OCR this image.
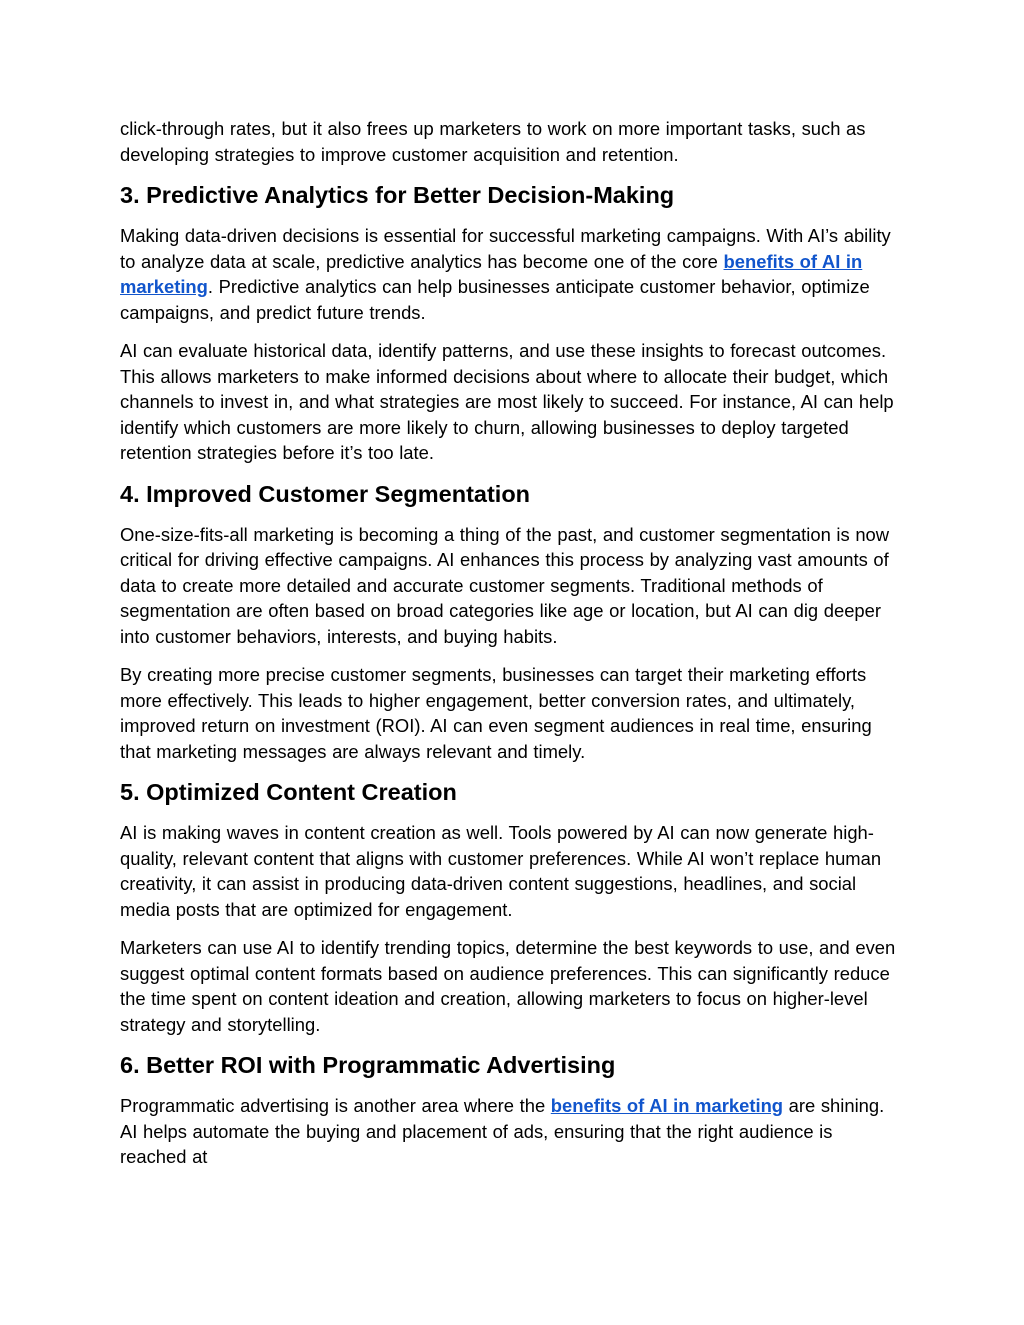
click-through rates, but it also frees up marketers to work on more important tasks, such as developing strategies to improve customer acquisition and retention.

3. Predictive Analytics for Better Decision-Making

Making data-driven decisions is essential for successful marketing campaigns. With AI’s ability to analyze data at scale, predictive analytics has become one of the core benefits of AI in marketing. Predictive analytics can help businesses anticipate customer behavior, optimize campaigns, and predict future trends.

AI can evaluate historical data, identify patterns, and use these insights to forecast outcomes. This allows marketers to make informed decisions about where to allocate their budget, which channels to invest in, and what strategies are most likely to succeed. For instance, AI can help identify which customers are more likely to churn, allowing businesses to deploy targeted retention strategies before it’s too late.

4. Improved Customer Segmentation

One-size-fits-all marketing is becoming a thing of the past, and customer segmentation is now critical for driving effective campaigns. AI enhances this process by analyzing vast amounts of data to create more detailed and accurate customer segments. Traditional methods of segmentation are often based on broad categories like age or location, but AI can dig deeper into customer behaviors, interests, and buying habits.

By creating more precise customer segments, businesses can target their marketing efforts more effectively. This leads to higher engagement, better conversion rates, and ultimately, improved return on investment (ROI). AI can even segment audiences in real time, ensuring that marketing messages are always relevant and timely.

5. Optimized Content Creation

AI is making waves in content creation as well. Tools powered by AI can now generate high-quality, relevant content that aligns with customer preferences. While AI won’t replace human creativity, it can assist in producing data-driven content suggestions, headlines, and social media posts that are optimized for engagement.

Marketers can use AI to identify trending topics, determine the best keywords to use, and even suggest optimal content formats based on audience preferences. This can significantly reduce the time spent on content ideation and creation, allowing marketers to focus on higher-level strategy and storytelling.

6. Better ROI with Programmatic Advertising

Programmatic advertising is another area where the benefits of AI in marketing are shining. AI helps automate the buying and placement of ads, ensuring that the right audience is reached at
